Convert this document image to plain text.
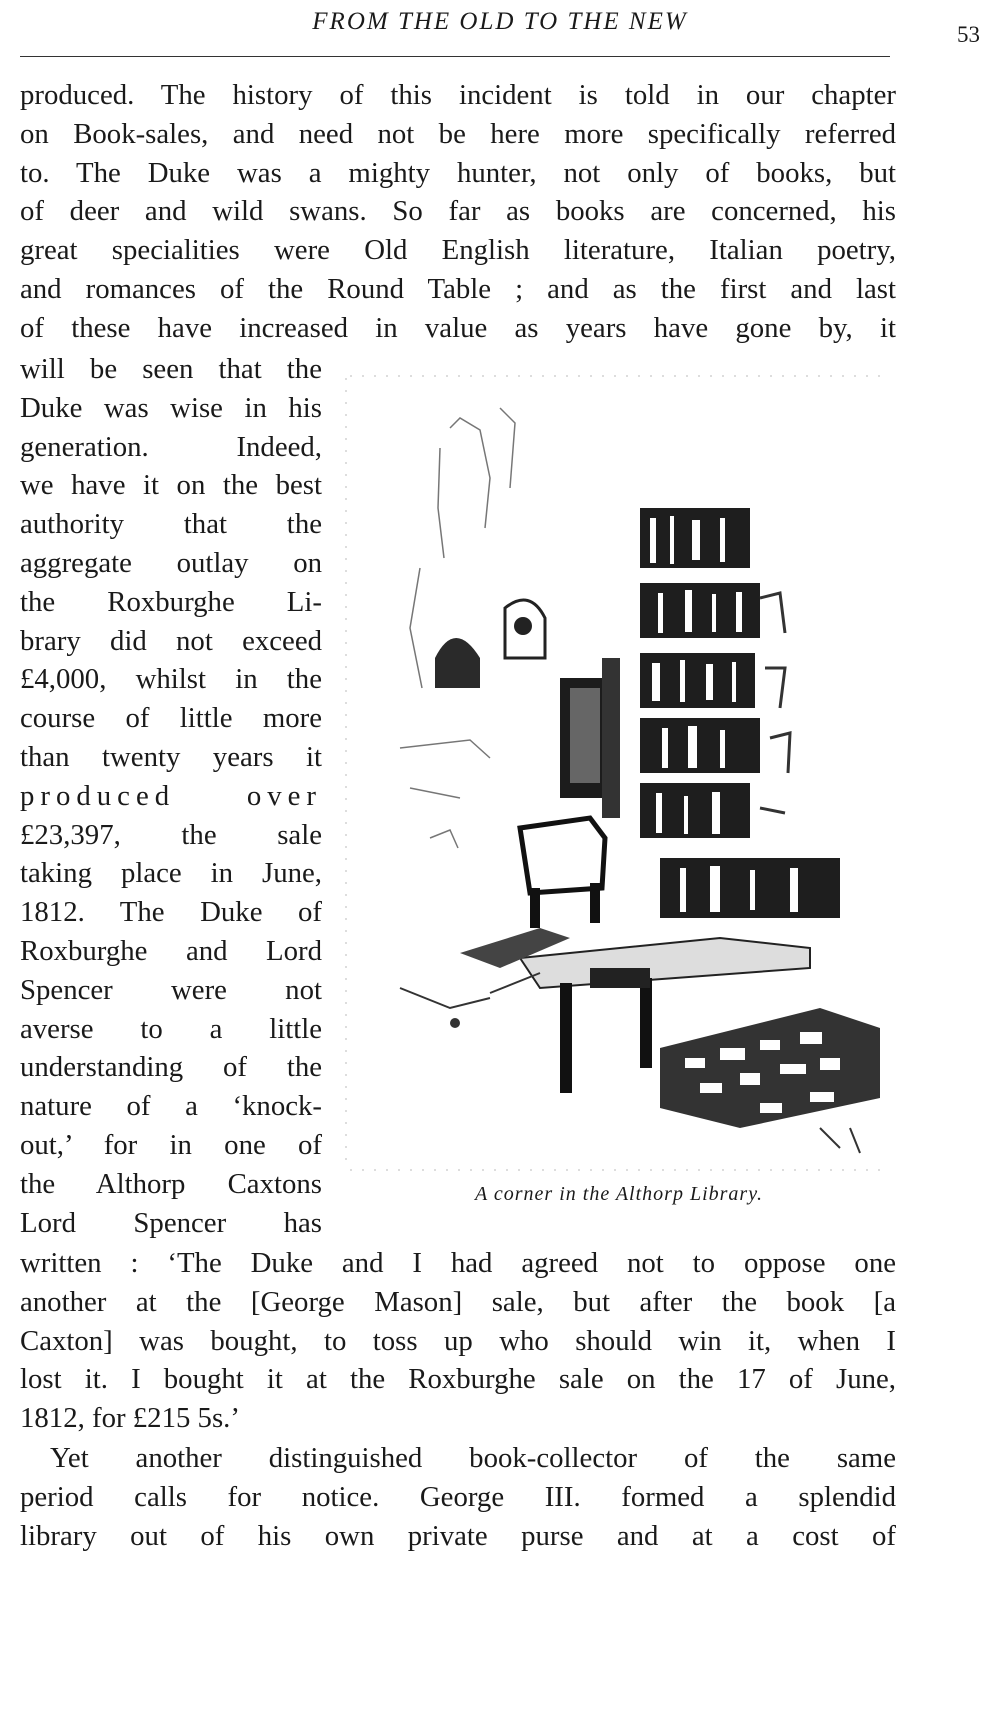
FROM THE OLD TO THE NEW	53
produced. The history of this incident is told in our chapter
on Book-sales, and need not be here more specifically referred
to. The Duke was a mighty hunter, not only of books, but
of deer and wild swans. So far as books are concerned, his
great specialities were Old English literature, Italian poetry,
and romances of the Round Table ; and as the first and last
of these have increased in value as years have gone by, it
will be seen that the
Duke was wise in his
generation. Indeed,
we have it on the best
authority that the
aggregate outlay on
the Roxburghe Li-
brary did not exceed
£4,000, whilst in the
course of little more
than twenty years it
produced over
£23,397, the sale
taking place in June,
1812. The Duke of
Roxburghe and Lord
Spencer were not
averse to a little
understanding of the
nature of a ‘knock-
out,’ for in one of
the Althorp Caxtons
Lord Spencer has
A corner in the Althorp Library.
written : ‘The Duke and I had agreed not to oppose one
another at the [George Mason] sale, but after the book [a
Caxton] was bought, to toss up who should win it, when I
lost it. I bought it at the Roxburghe sale on the 17 of June,
1812, for £215 5s.’
Yet another distinguished book-collector of the same
period calls for notice. George III. formed a splendid
library out of his own private purse and at a cost of
